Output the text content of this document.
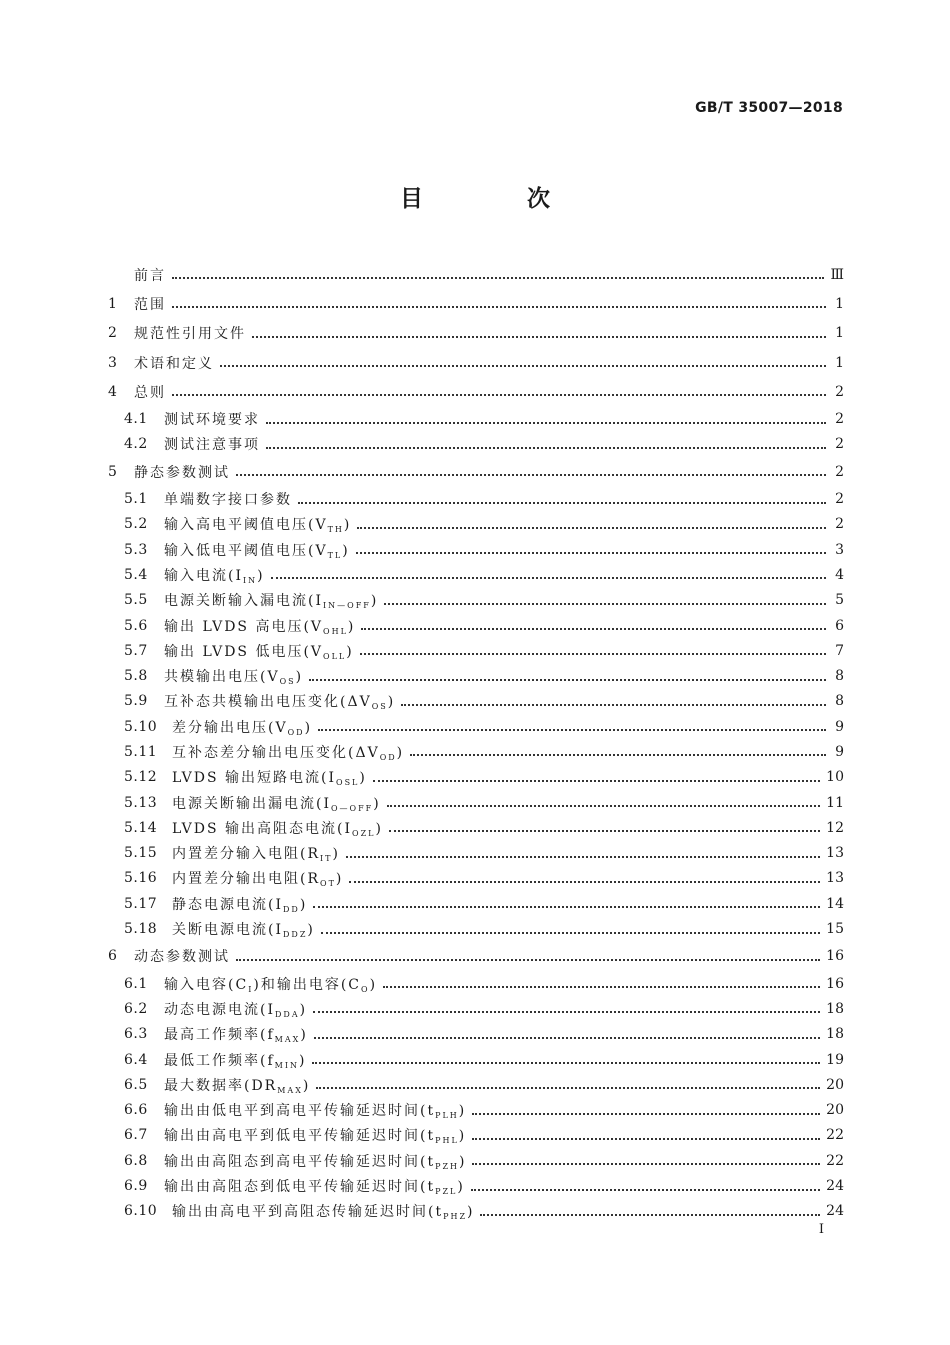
GB/T 35007—2018
目 次
前言	Ⅲ
1	范围	1
2	规范性引用文件	1
3	术语和定义	1
4	总则	2
4.1	测试环境要求	2
4.2	测试注意事项	2
5	静态参数测试	2
5.1	单端数字接口参数	2
5.2	输入高电平阈值电压$(V_{TH})$	2
5.3	输入低电平阈值电压$(V_{TL})$	3
5.4	输入电流$(I_{IN})$	4
5.5	电源关断输入漏电流$(I_{IN—OFF})$	5
5.6	输出 LVDS 高电压$(V_{OHL})$	6
5.7	输出 LVDS 低电压$(V_{OLL})$	7
5.8	共模输出电压$(V_{OS})$	8
5.9	互补态共模输出电压变化$(\Delta V_{OS})$	8
5.10	差分输出电压$(V_{OD})$	9
5.11	互补态差分输出电压变化$(\Delta V_{OD})$	9
5.12	LVDS 输出短路电流$(I_{OSL})$	10
5.13	电源关断输出漏电流$(I_{O—OFF})$	11
5.14	LVDS 输出高阻态电流$(I_{OZL})$	12
5.15	内置差分输入电阻$(R_{IT})$	13
5.16	内置差分输出电阻$(R_{OT})$	13
5.17	静态电源电流$(I_{DD})$	14
5.18	关断电源电流$(I_{DDZ})$	15
6	动态参数测试	16
6.1	输入电容$(C_I)$和输出电容$(C_O)$	16
6.2	动态电源电流$(I_{DDA})$	18
6.3	最高工作频率$(f_{MAX})$	18
6.4	最低工作频率$(f_{MIN})$	19
6.5	最大数据率$(DR_{MAX})$	20
6.6	输出由低电平到高电平传输延迟时间$(t_{PLH})$	20
6.7	输出由高电平到低电平传输延迟时间$(t_{PHL})$	22
6.8	输出由高阻态到高电平传输延迟时间$(t_{PZH})$	22
6.9	输出由高阻态到低电平传输延迟时间$(t_{PZL})$	24
6.10	输出由高电平到高阻态传输延迟时间$(t_{PHZ})$	24
I
